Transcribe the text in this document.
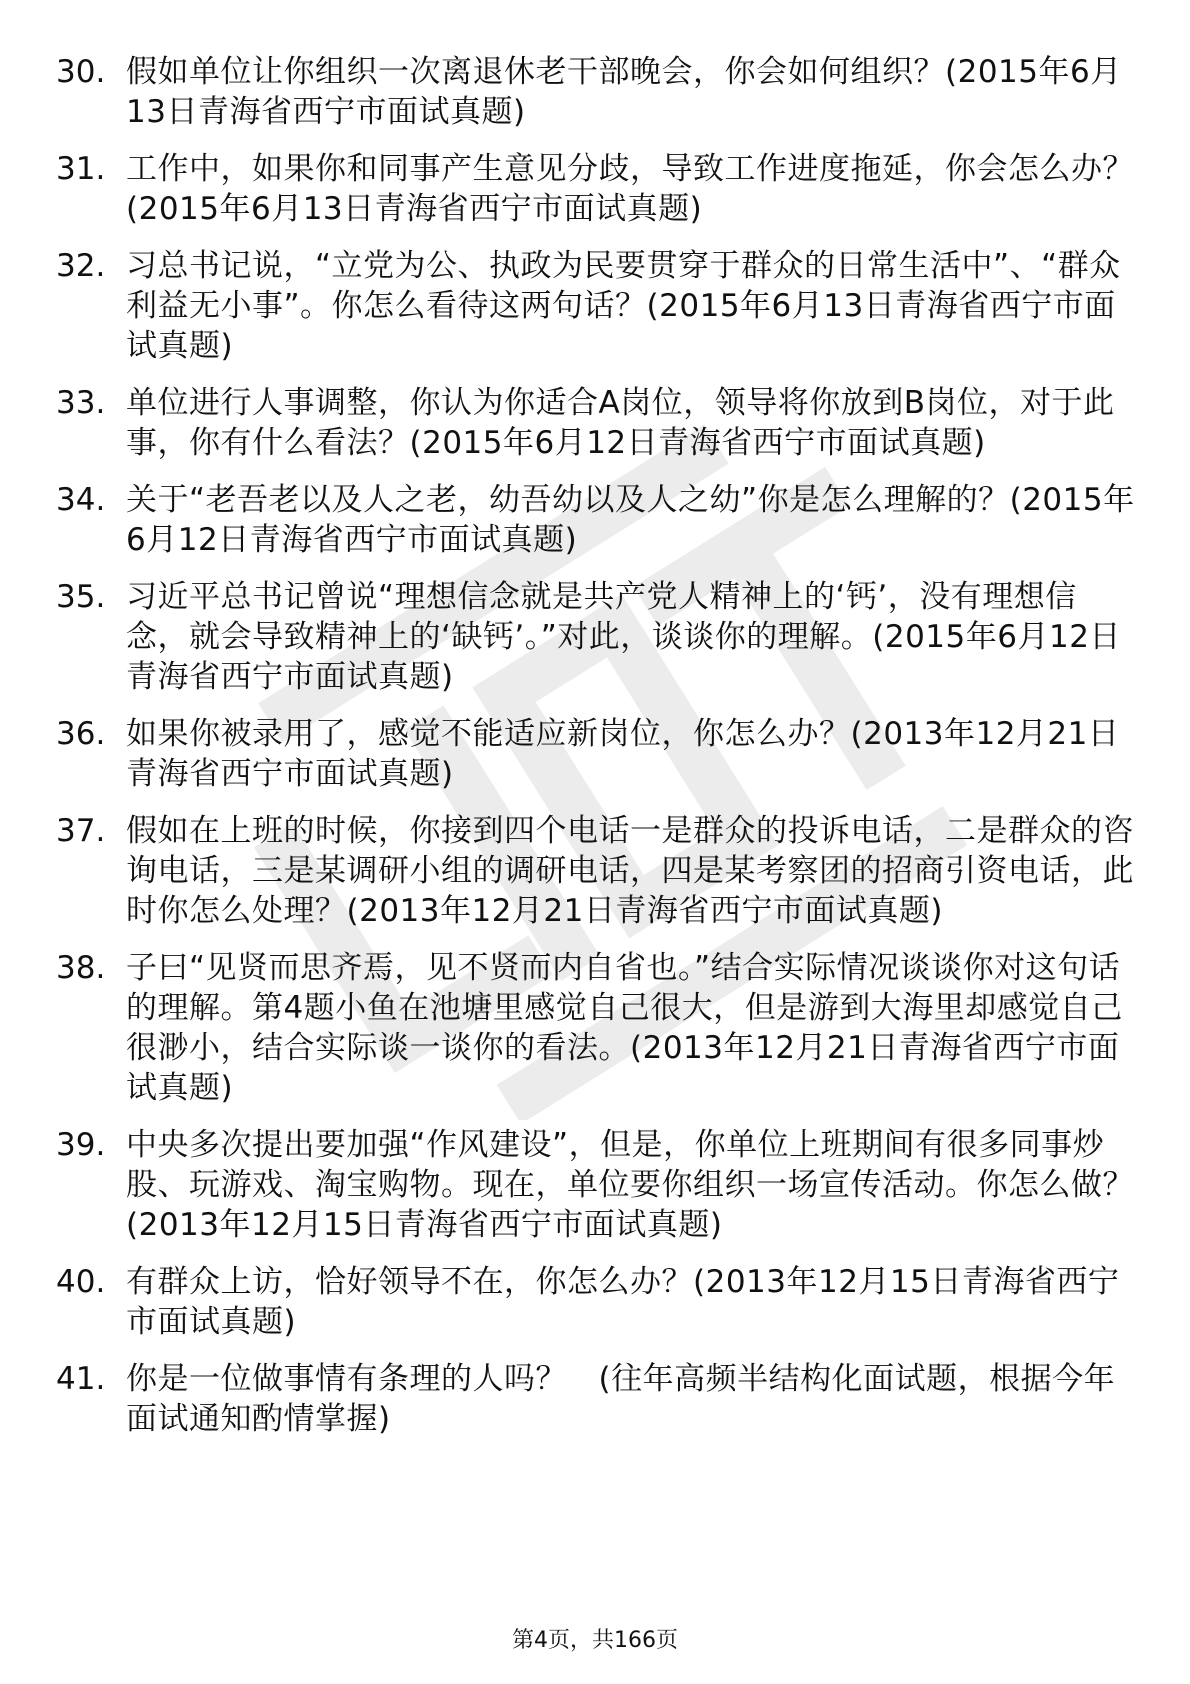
30. 假如单位让你组织一次离退休老干部晚会，你会如何组织？(2015年6月13日青海省西宁市面试真题)
31. 工作中，如果你和同事产生意见分歧，导致工作进度拖延，你会怎么办？(2015年6月13日青海省西宁市面试真题)
32. 习总书记说，“立党为公、执政为民要贯穿于群众的日常生活中”、“群众利益无小事”。你怎么看待这两句话？(2015年6月13日青海省西宁市面试真题)
33. 单位进行人事调整，你认为你适合A岗位，领导将你放到B岗位，对于此事，你有什么看法？(2015年6月12日青海省西宁市面试真题)
34. 关于“老吾老以及人之老，幼吾幼以及人之幼”你是怎么理解的？(2015年6月12日青海省西宁市面试真题)
35. 习近平总书记曾说“理想信念就是共产党人精神上的‘钙’，没有理想信念，就会导致精神上的‘缺钙’。”对此，谈谈你的理解。(2015年6月12日青海省西宁市面试真题)
36. 如果你被录用了，感觉不能适应新岗位，你怎么办？(2013年12月21日青海省西宁市面试真题)
37. 假如在上班的时候，你接到四个电话一是群众的投诉电话，二是群众的咨询电话，三是某调研小组的调研电话，四是某考察团的招商引资电话，此时你怎么处理？(2013年12月21日青海省西宁市面试真题)
38. 子曰“见贤而思齐焉，见不贤而内自省也。”结合实际情况谈谈你对这句话的理解。第4题小鱼在池塘里感觉自己很大，但是游到大海里却感觉自己很渺小，结合实际谈一谈你的看法。(2013年12月21日青海省西宁市面试真题)
39. 中央多次提出要加强“作风建设”，但是，你单位上班期间有很多同事炒股、玩游戏、淘宝购物。现在，单位要你组织一场宣传活动。你怎么做？(2013年12月15日青海省西宁市面试真题)
40. 有群众上访，恰好领导不在，你怎么办？(2013年12月15日青海省西宁市面试真题)
41. 你是一位做事情有条理的人吗？　(往年高频半结构化面试题，根据今年面试通知酌情掌握)
第4页，共166页
